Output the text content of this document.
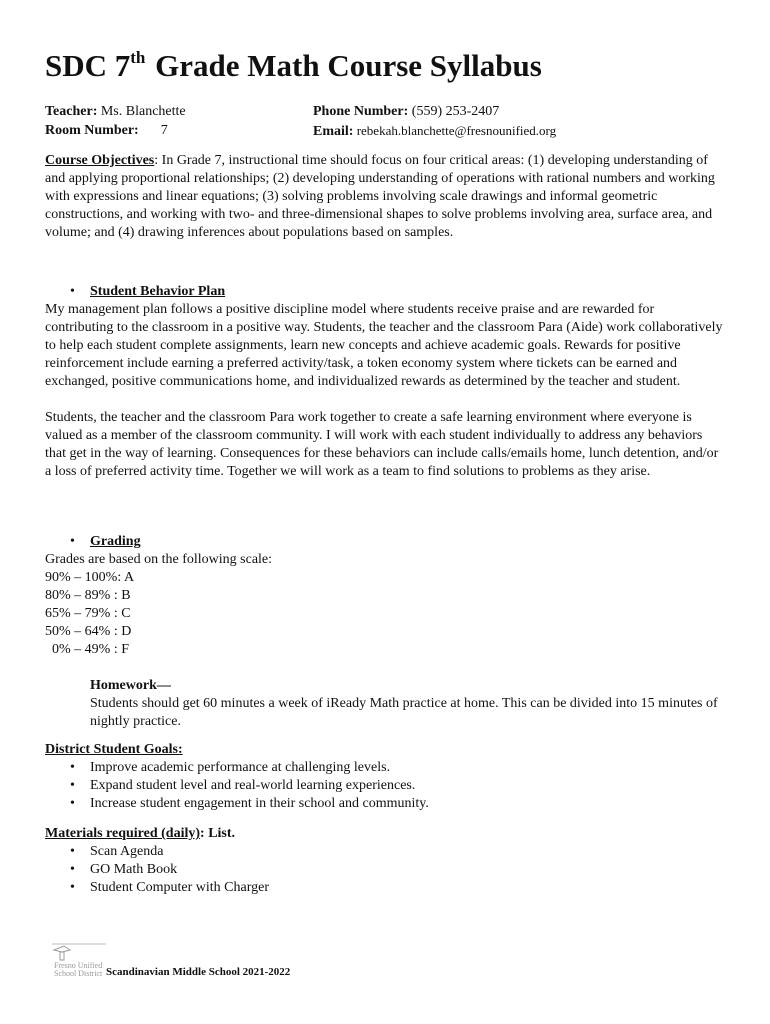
SDC 7th Grade Math Course Syllabus
Teacher: Ms. Blanchette	Phone Number: (559) 253-2407
Room Number: 7	Email: rebekah.blanchette@fresnounified.org

Course Objectives: In Grade 7, instructional time should focus on four critical areas: (1) developing understanding of and applying proportional relationships; (2) developing understanding of operations with rational numbers and working with expressions and linear equations; (3) solving problems involving scale drawings and informal geometric constructions, and working with two- and three-dimensional shapes to solve problems involving area, surface area, and volume; and (4) drawing inferences about populations based on samples.

• Student Behavior Plan

My management plan follows a positive discipline model where students receive praise and are rewarded for contributing to the classroom in a positive way. Students, the teacher and the classroom Para (Aide) work collaboratively to help each student complete assignments, learn new concepts and achieve academic goals. Rewards for positive reinforcement include earning a preferred activity/task, a token economy system where tickets can be earned and exchanged, positive communications home, and individualized rewards as determined by the teacher and student.

Students, the teacher and the classroom Para work together to create a safe learning environment where everyone is valued as a member of the classroom community. I will work with each student individually to address any behaviors that get in the way of learning. Consequences for these behaviors can include calls/emails home, lunch detention, and/or a loss of preferred activity time. Together we will work as a team to find solutions to problems as they arise.

• Grading

Grades are based on the following scale:

90% – 100%: A
80% – 89% : B
65% – 79% : C
50% – 64% : D
0% – 49% : F
Homework—

Students should get 60 minutes a week of iReady Math practice at home. This can be divided into 15 minutes of nightly practice.

District Student Goals:
• Improve academic performance at challenging levels.
• Expand student level and real-world learning experiences.
• Increase student engagement in their school and community.
Materials required (daily): List.
• Scan Agenda
• GO Math Book
• Student Computer with Charger
Fresno Unified
School District Scandinavian Middle School 2021-2022
